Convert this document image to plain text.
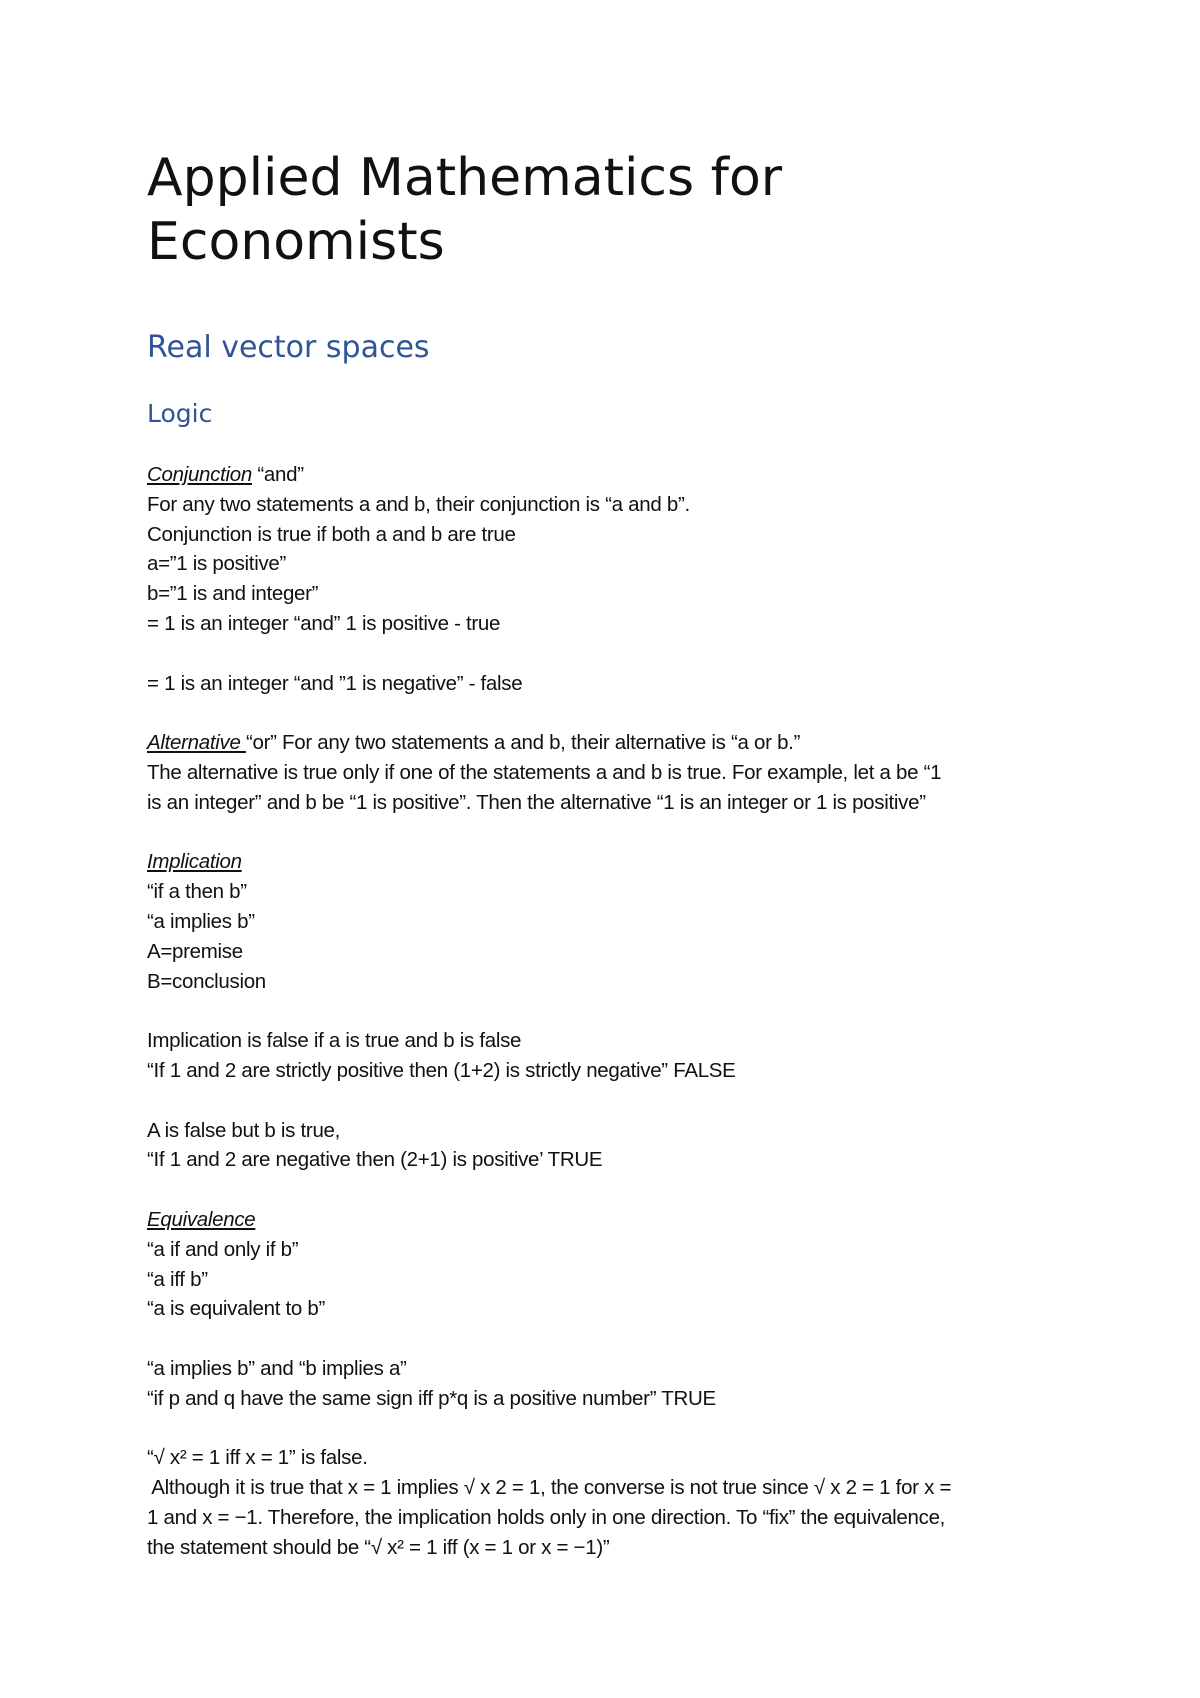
Applied Mathematics for Economists
Real vector spaces
Logic
Conjunction “and”
For any two statements a and b, their conjunction is “a and b”.
Conjunction is true if both a and b are true
a=”1 is positive”
b=”1 is and integer”
= 1 is an integer “and” 1 is positive - true
= 1 is an integer “and ”1 is negative” - false
Alternative “or” For any two statements a and b, their alternative is “a or b.”
The alternative is true only if one of the statements a and b is true. For example, let a be “1
is an integer” and b be “1 is positive”. Then the alternative “1 is an integer or 1 is positive”
Implication
“if a then b”
“a implies b”
A=premise
B=conclusion
Implication is false if a is true and b is false
“If 1 and 2 are strictly positive then (1+2) is strictly negative” FALSE
A is false but b is true,
“If 1 and 2 are negative then (2+1) is positive’ TRUE
Equivalence
“a if and only if b”
“a iff b”
“a is equivalent to b”
“a implies b” and “b implies a”
“if p and q have the same sign iff p*q is a positive number” TRUE
“√ x² = 1 iff x = 1” is false.
Although it is true that x = 1 implies √ x 2 = 1, the converse is not true since √ x 2 = 1 for x =
1 and x = −1. Therefore, the implication holds only in one direction. To “fix” the equivalence,
the statement should be “√ x² = 1 iff (x = 1 or x = −1)”
